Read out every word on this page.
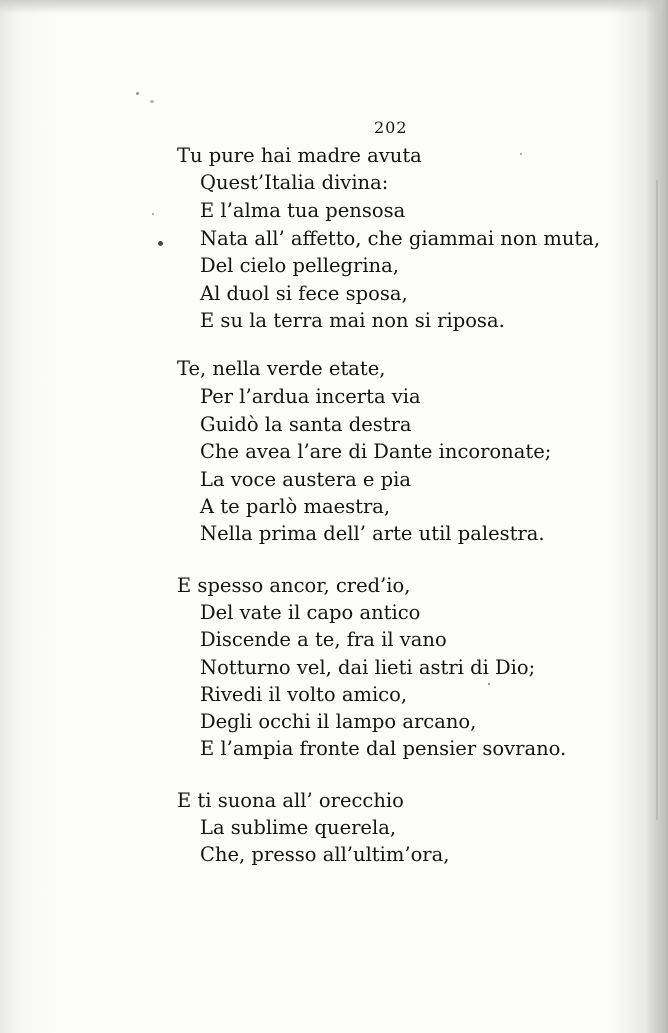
202
Tu pure hai madre avuta
Quest’Italia divina:
E l’alma tua pensosa
Nata all’ affetto, che giammai non muta,
Del cielo pellegrina,
Al duol si fece sposa,
E su la terra mai non si riposa.
Te, nella verde etate,
Per l’ardua incerta via
Guidò la santa destra
Che avea l’are di Dante incoronate;
La voce austera e pia
A te parlò maestra,
Nella prima dell’ arte util palestra.
E spesso ancor, cred’io,
Del vate il capo antico
Discende a te, fra il vano
Notturno vel, dai lieti astri di Dio;
Rivedi il volto amico,
Degli occhi il lampo arcano,
E l’ampia fronte dal pensier sovrano.
E ti suona all’ orecchio
La sublime querela,
Che, presso all’ultim’ora,
